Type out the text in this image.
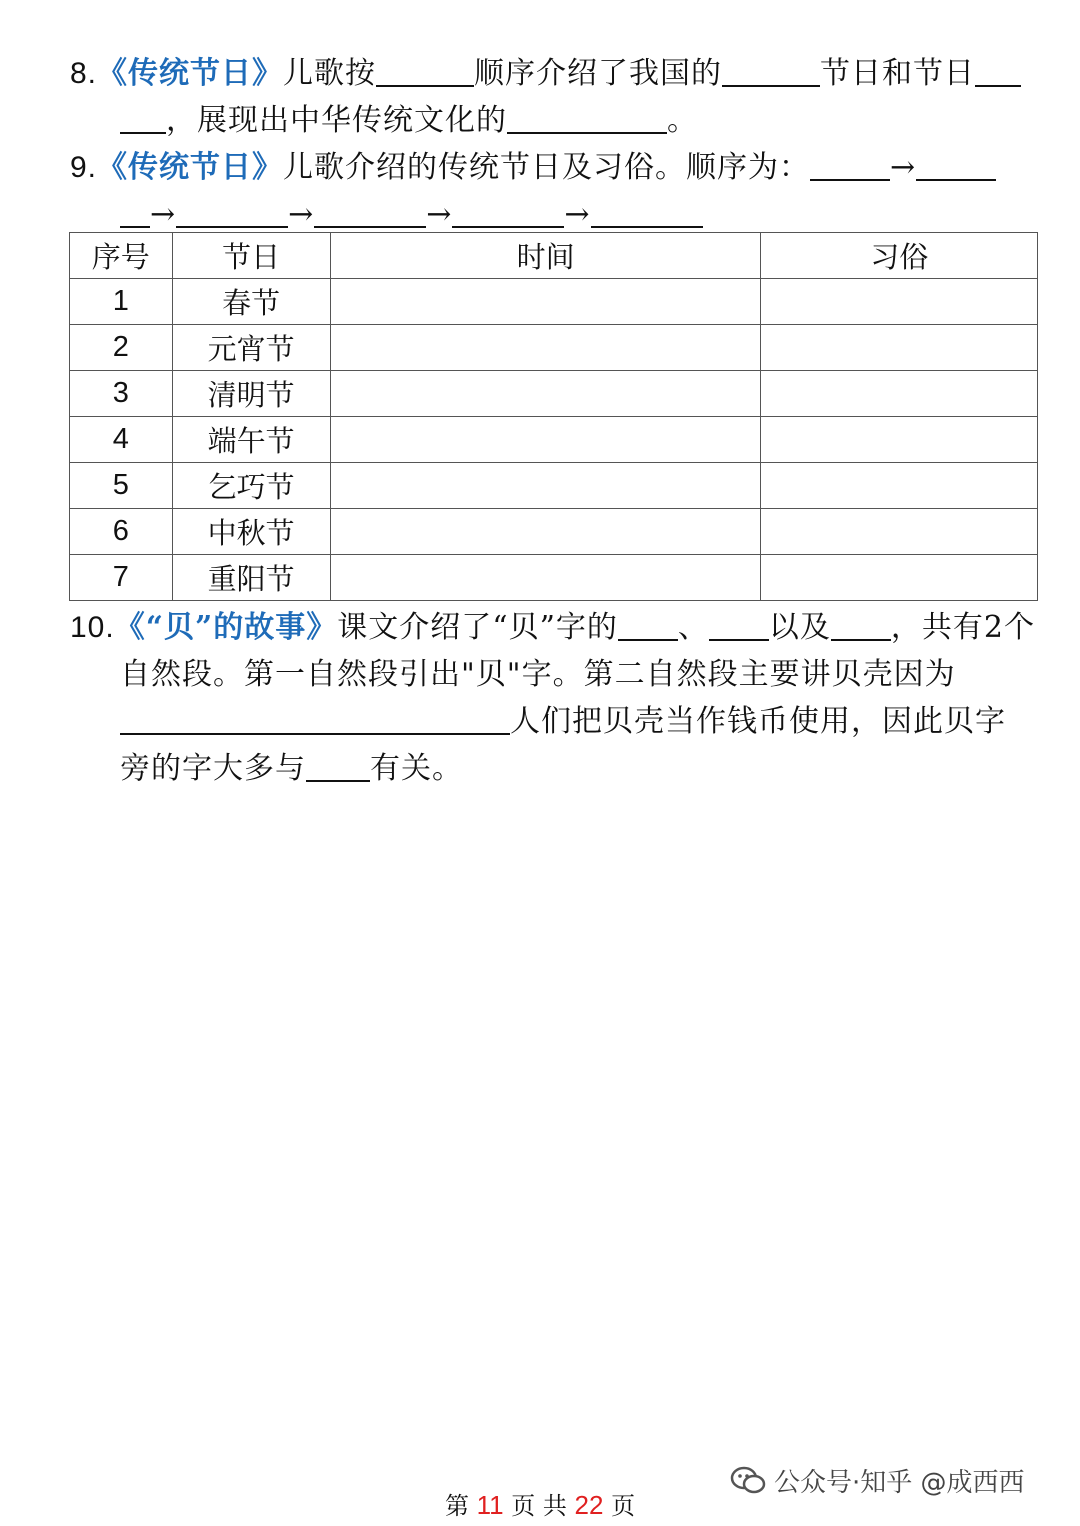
8.《传统节日》儿歌按	顺序介绍了我国的	节日和节日
，展现出中华传统文化的	。
9.《传统节日》儿歌介绍的传统节日及习俗。顺序为：	→
→	→	→	→
序号	节日	时间	习俗
1	春节		
2	元宵节		
3	清明节		
4	端午节		
5	乞巧节		
6	中秋节		
7	重阳节		
10.《“贝”的故事》课文介绍了“贝”字的 、 以及 ，共有2个自然段。第一自然段引出"贝"字。第二自然段主要讲贝壳因为人们把贝壳当作钱币使用，因此贝字旁的字大多与 有关。
公众号·知乎 @成西西
第 11 页 共 22 页
